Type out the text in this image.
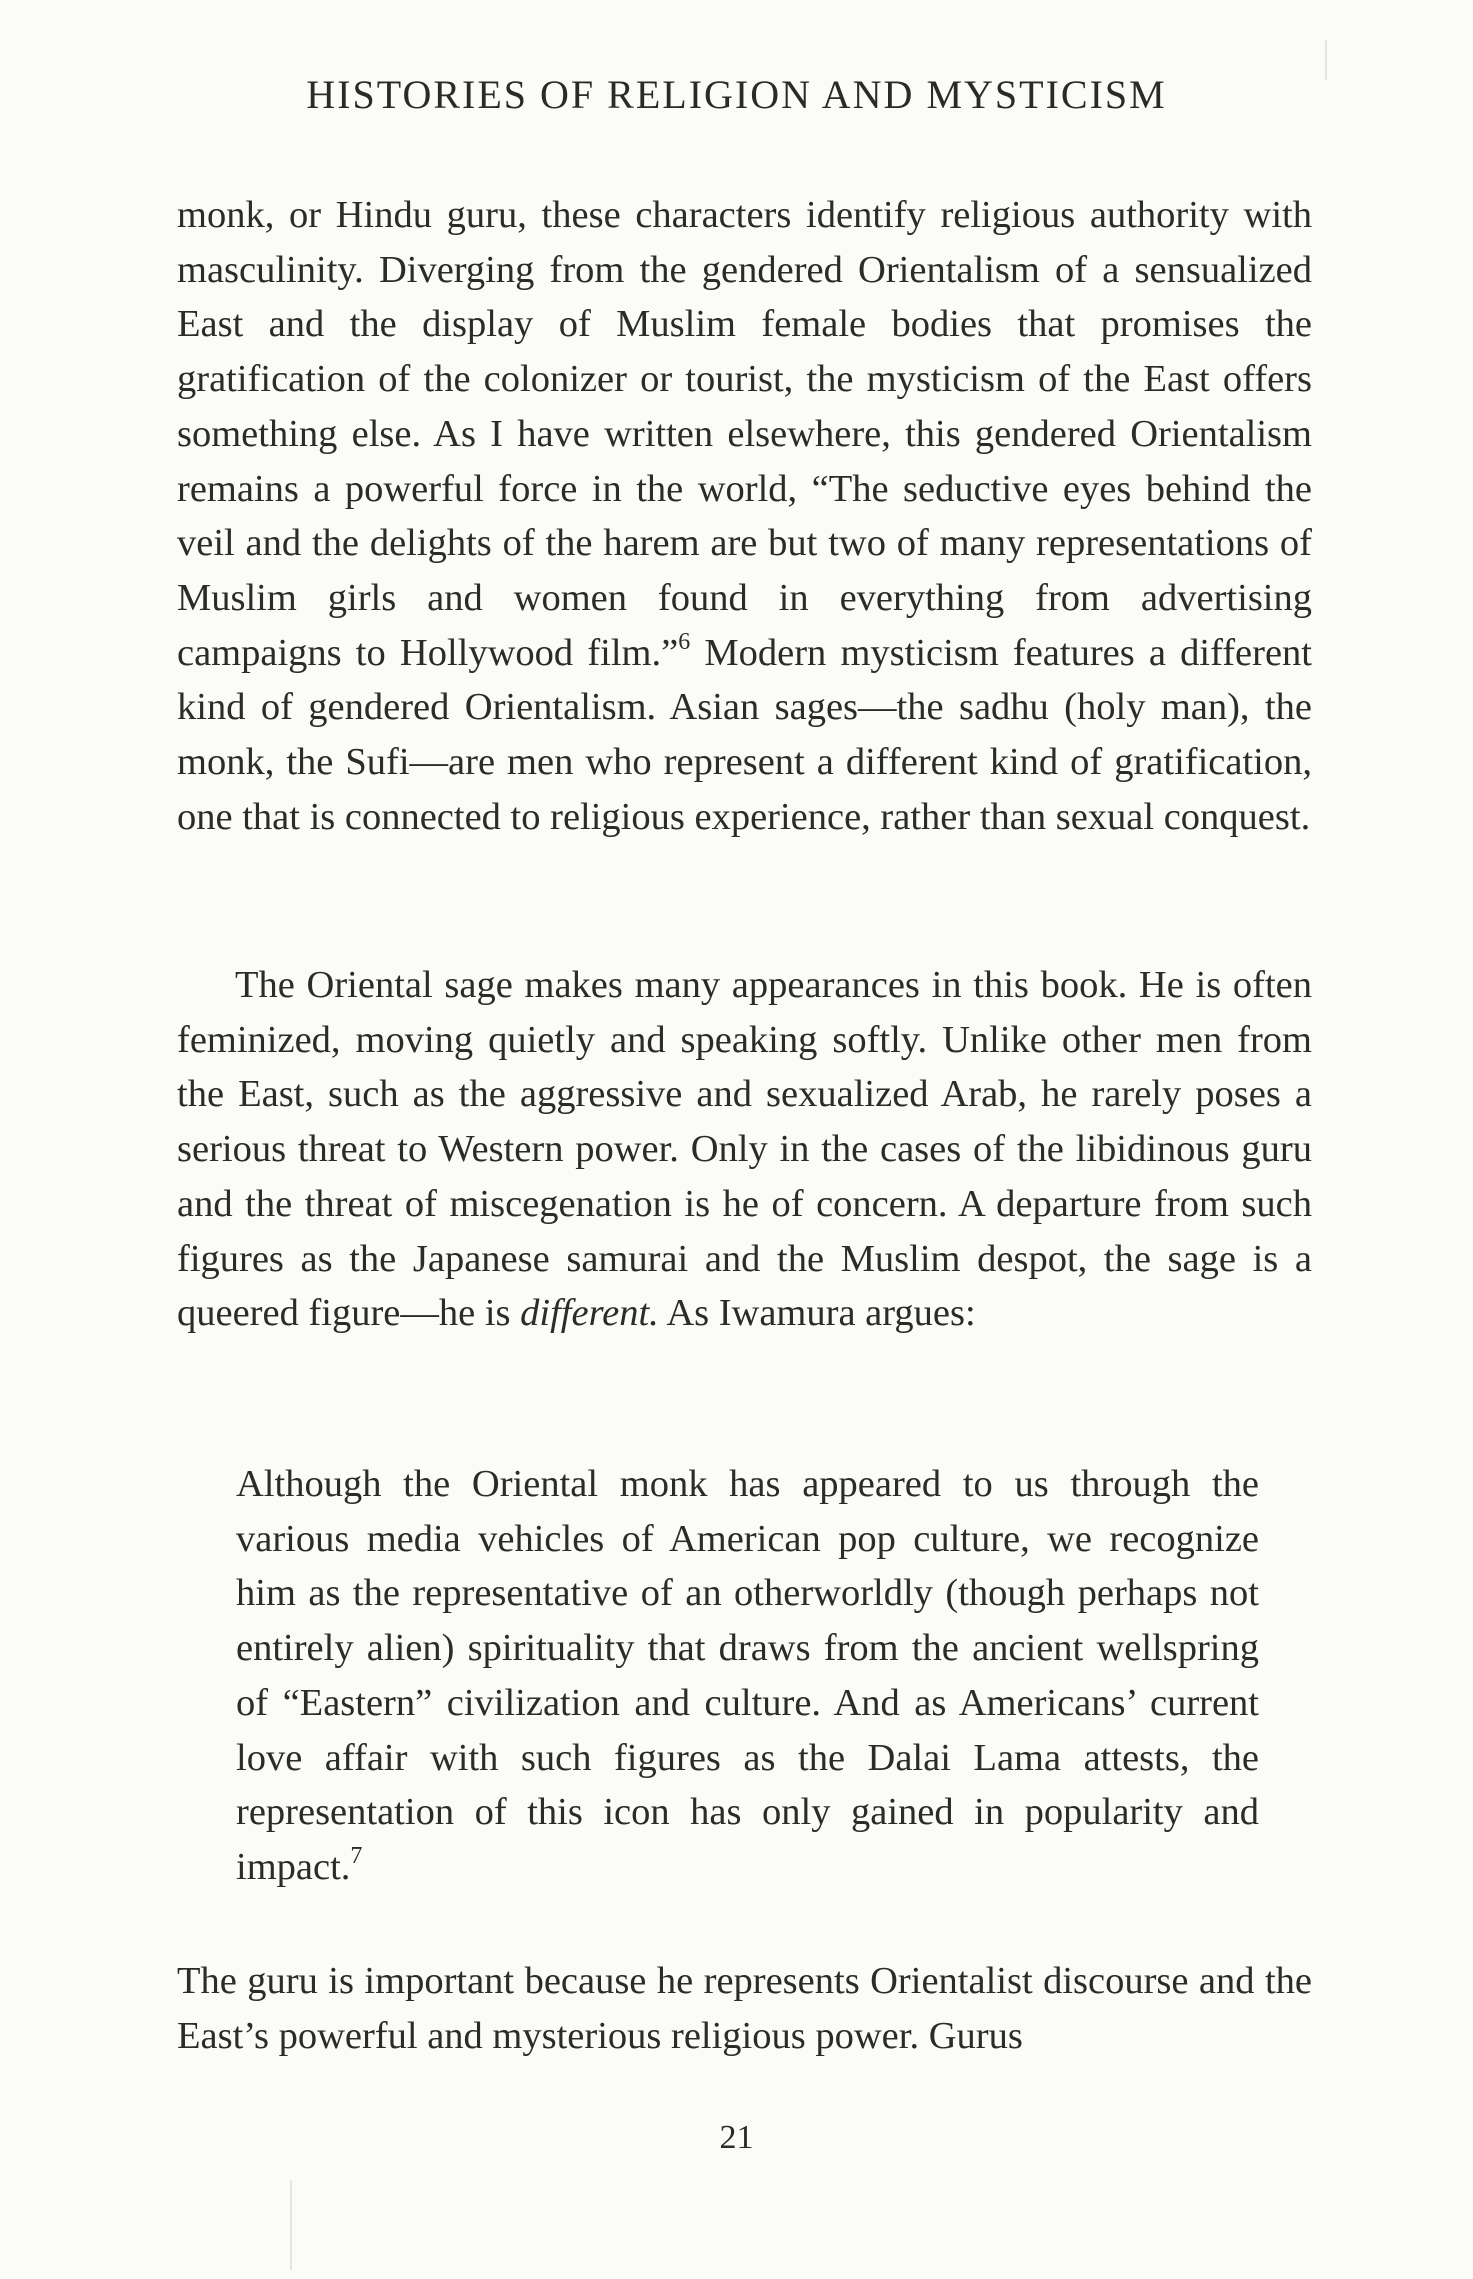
HISTORIES OF RELIGION AND MYSTICISM

monk, or Hindu guru, these characters identify religious authority with masculinity. Diverging from the gendered Orientalism of a sensualized East and the display of Muslim female bodies that promises the gratification of the colonizer or tourist, the mysticism of the East offers something else. As I have written elsewhere, this gendered Orientalism remains a powerful force in the world, “The seductive eyes behind the veil and the delights of the harem are but two of many representations of Muslim girls and women found in everything from advertising campaigns to Hollywood film.”$^6$ Modern mysticism features a different kind of gendered Orientalism. Asian sages—the sadhu (holy man), the monk, the Sufi—are men who represent a different kind of gratification, one that is connected to religious experience, rather than sexual conquest.

The Oriental sage makes many appearances in this book. He is often feminized, moving quietly and speaking softly. Unlike other men from the East, such as the aggressive and sexualized Arab, he rarely poses a serious threat to Western power. Only in the cases of the libidinous guru and the threat of miscegenation is he of concern. A departure from such figures as the Japanese samurai and the Muslim despot, the sage is a queered figure—he is different. As Iwamura argues:

Although the Oriental monk has appeared to us through the various media vehicles of American pop culture, we recognize him as the representative of an otherworldly (though perhaps not entirely alien) spirituality that draws from the ancient wellspring of “Eastern” civilization and culture. And as Americans’ current love affair with such figures as the Dalai Lama attests, the representation of this icon has only gained in popularity and impact.$^7$

The guru is important because he represents Orientalist discourse and the East’s powerful and mysterious religious power. Gurus

21
